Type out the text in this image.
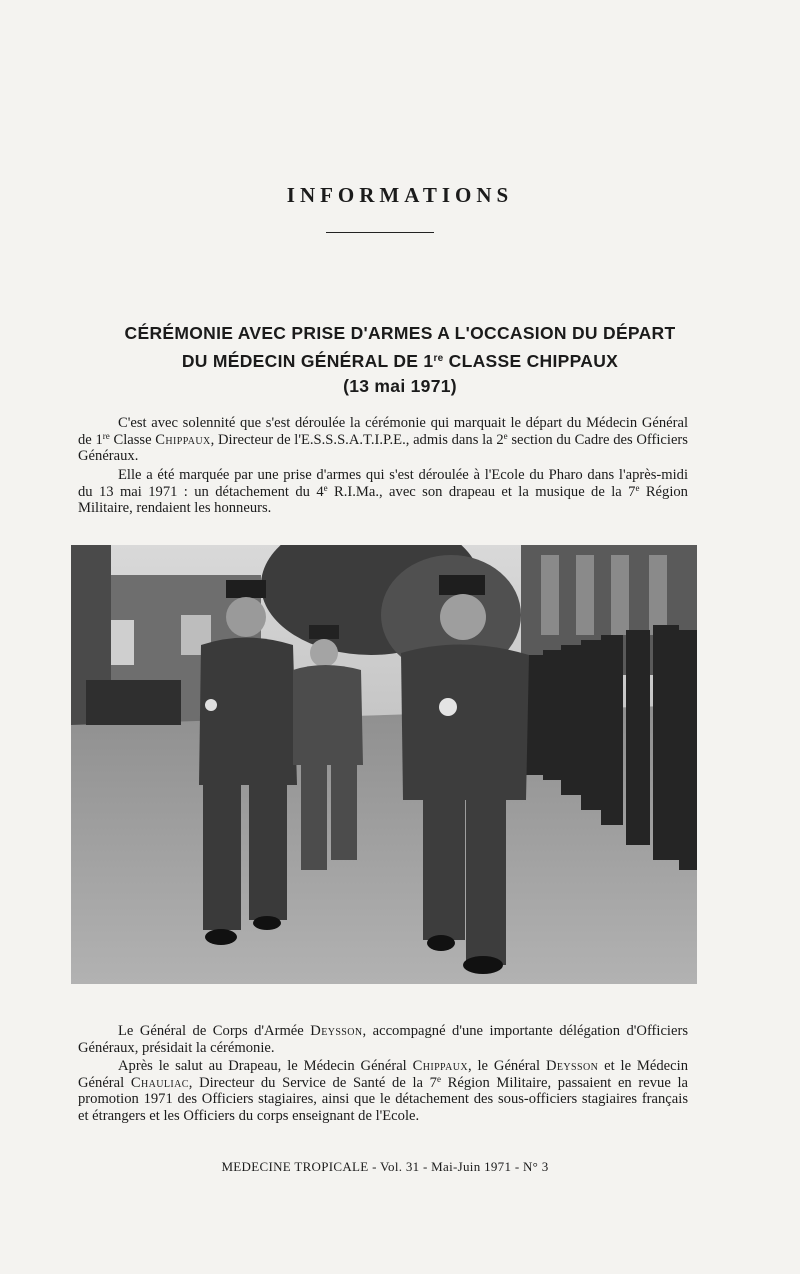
INFORMATIONS
CÉRÉMONIE AVEC PRISE D'ARMES A L'OCCASION DU DÉPART
DU MÉDECIN GÉNÉRAL DE 1re CLASSE CHIPPAUX
(13 mai 1971)
C'est avec solennité que s'est déroulée la cérémonie qui marquait le départ du Médecin Général de 1re Classe Chippaux, Directeur de l'E.S.S.S.A.T.I.P.E., admis dans la 2e section du Cadre des Officiers Généraux.
Elle a été marquée par une prise d'armes qui s'est déroulée à l'Ecole du Pharo dans l'après-midi du 13 mai 1971 : un détachement du 4e R.I.Ma., avec son drapeau et la musique de la 7e Région Militaire, rendaient les honneurs.
Le Général de Corps d'Armée Deysson, accompagné d'une importante délégation d'Officiers Généraux, présidait la cérémonie.
Après le salut au Drapeau, le Médecin Général Chippaux, le Général Deysson et le Médecin Général Chauliac, Directeur du Service de Santé de la 7e Région Militaire, passaient en revue la promotion 1971 des Officiers stagiaires, ainsi que le détachement des sous-officiers stagiaires français et étrangers et les Officiers du corps enseignant de l'Ecole.
MEDECINE TROPICALE - Vol. 31 - Mai-Juin 1971 - N° 3
